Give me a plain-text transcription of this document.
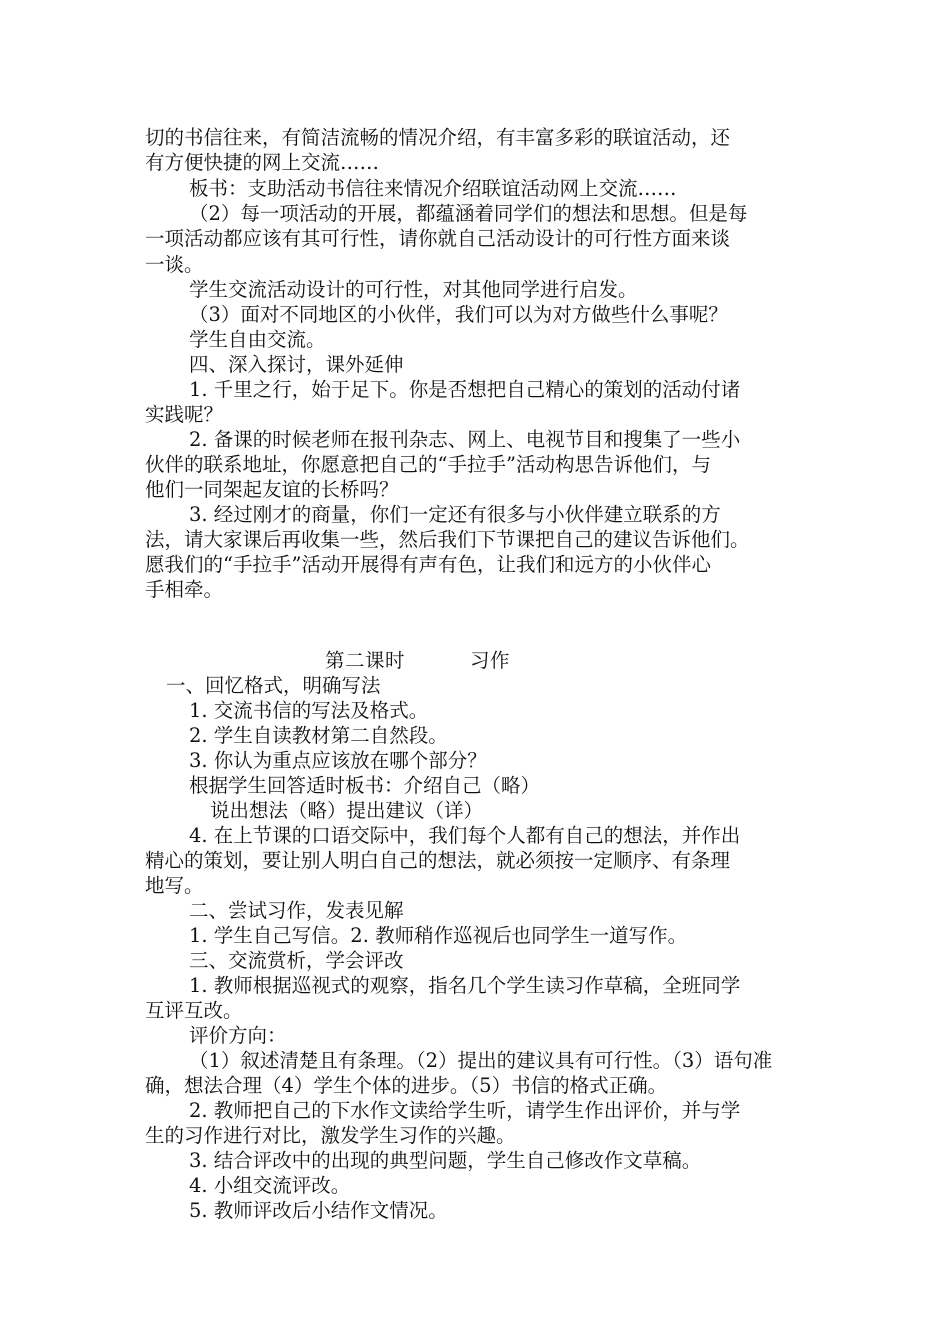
切的书信往来，有简洁流畅的情况介绍，有丰富多彩的联谊活动，还
有方便快捷的网上交流……
板书：支助活动书信往来情况介绍联谊活动网上交流……
（2）每一项活动的开展，都蕴涵着同学们的想法和思想。但是每
一项活动都应该有其可行性，请你就自己活动设计的可行性方面来谈
一谈。
学生交流活动设计的可行性，对其他同学进行启发。
（3）面对不同地区的小伙伴，我们可以为对方做些什么事呢？
学生自由交流。
四、深入探讨，课外延伸
1. 千里之行，始于足下。你是否想把自己精心的策划的活动付诸
实践呢？
2. 备课的时候老师在报刊杂志、网上、电视节目和搜集了一些小
伙伴的联系地址，你愿意把自己的“手拉手”活动构思告诉他们，与
他们一同架起友谊的长桥吗？
3. 经过刚才的商量，你们一定还有很多与小伙伴建立联系的方
法，请大家课后再收集一些，然后我们下节课把自己的建议告诉他们。
愿我们的“手拉手”活动开展得有声有色，让我们和远方的小伙伴心
手相牵。
第二课时	习作
一、回忆格式，明确写法
1. 交流书信的写法及格式。
2. 学生自读教材第二自然段。
3. 你认为重点应该放在哪个部分？
根据学生回答适时板书：介绍自己（略）
说出想法（略）提出建议（详）
4. 在上节课的口语交际中，我们每个人都有自己的想法，并作出
精心的策划，要让别人明白自己的想法，就必须按一定顺序、有条理
地写。
二、尝试习作，发表见解
1. 学生自己写信。2. 教师稍作巡视后也同学生一道写作。
三、交流赏析，学会评改
1. 教师根据巡视式的观察，指名几个学生读习作草稿，全班同学
互评互改。
评价方向：
（1）叙述清楚且有条理。（2）提出的建议具有可行性。（3）语句准
确，想法合理（4）学生个体的进步。（5）书信的格式正确。
2. 教师把自己的下水作文读给学生听，请学生作出评价，并与学
生的习作进行对比，激发学生习作的兴趣。
3. 结合评改中的出现的典型问题，学生自己修改作文草稿。
4. 小组交流评改。
5. 教师评改后小结作文情况。
